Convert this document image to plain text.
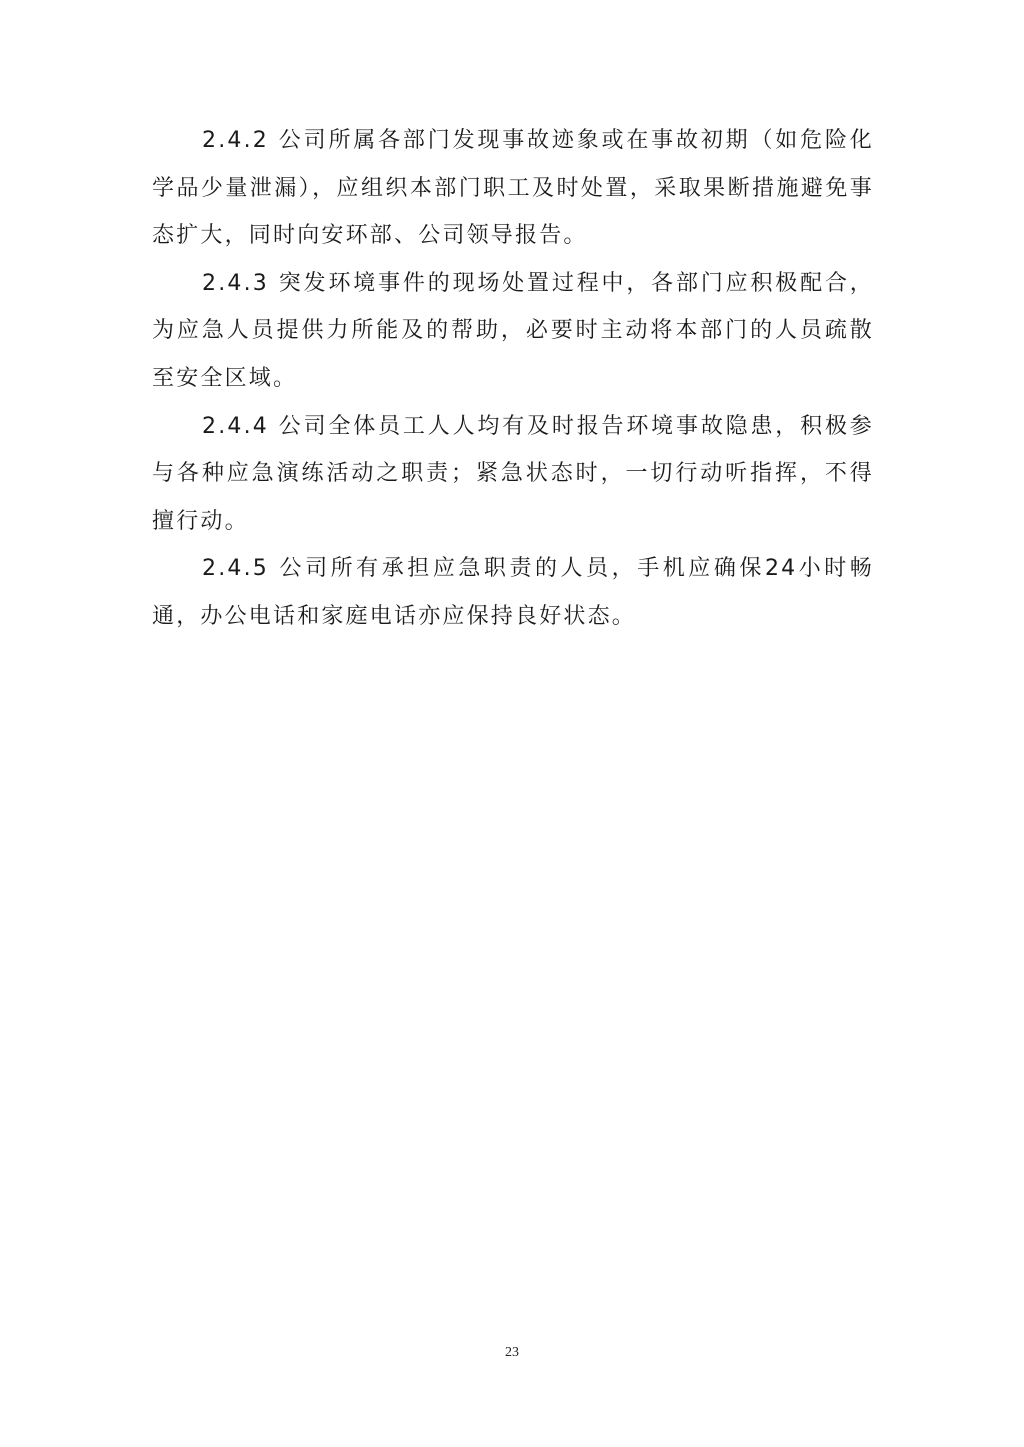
2.4.2 公司所属各部门发现事故迹象或在事故初期（如危险化学品少量泄漏），应组织本部门职工及时处置，采取果断措施避免事态扩大，同时向安环部、公司领导报告。

2.4.3 突发环境事件的现场处置过程中，各部门应积极配合，为应急人员提供力所能及的帮助，必要时主动将本部门的人员疏散至安全区域。

2.4.4 公司全体员工人人均有及时报告环境事故隐患，积极参与各种应急演练活动之职责；紧急状态时，一切行动听指挥，不得擅行动。

2.4.5 公司所有承担应急职责的人员，手机应确保24小时畅通，办公电话和家庭电话亦应保持良好状态。

23
